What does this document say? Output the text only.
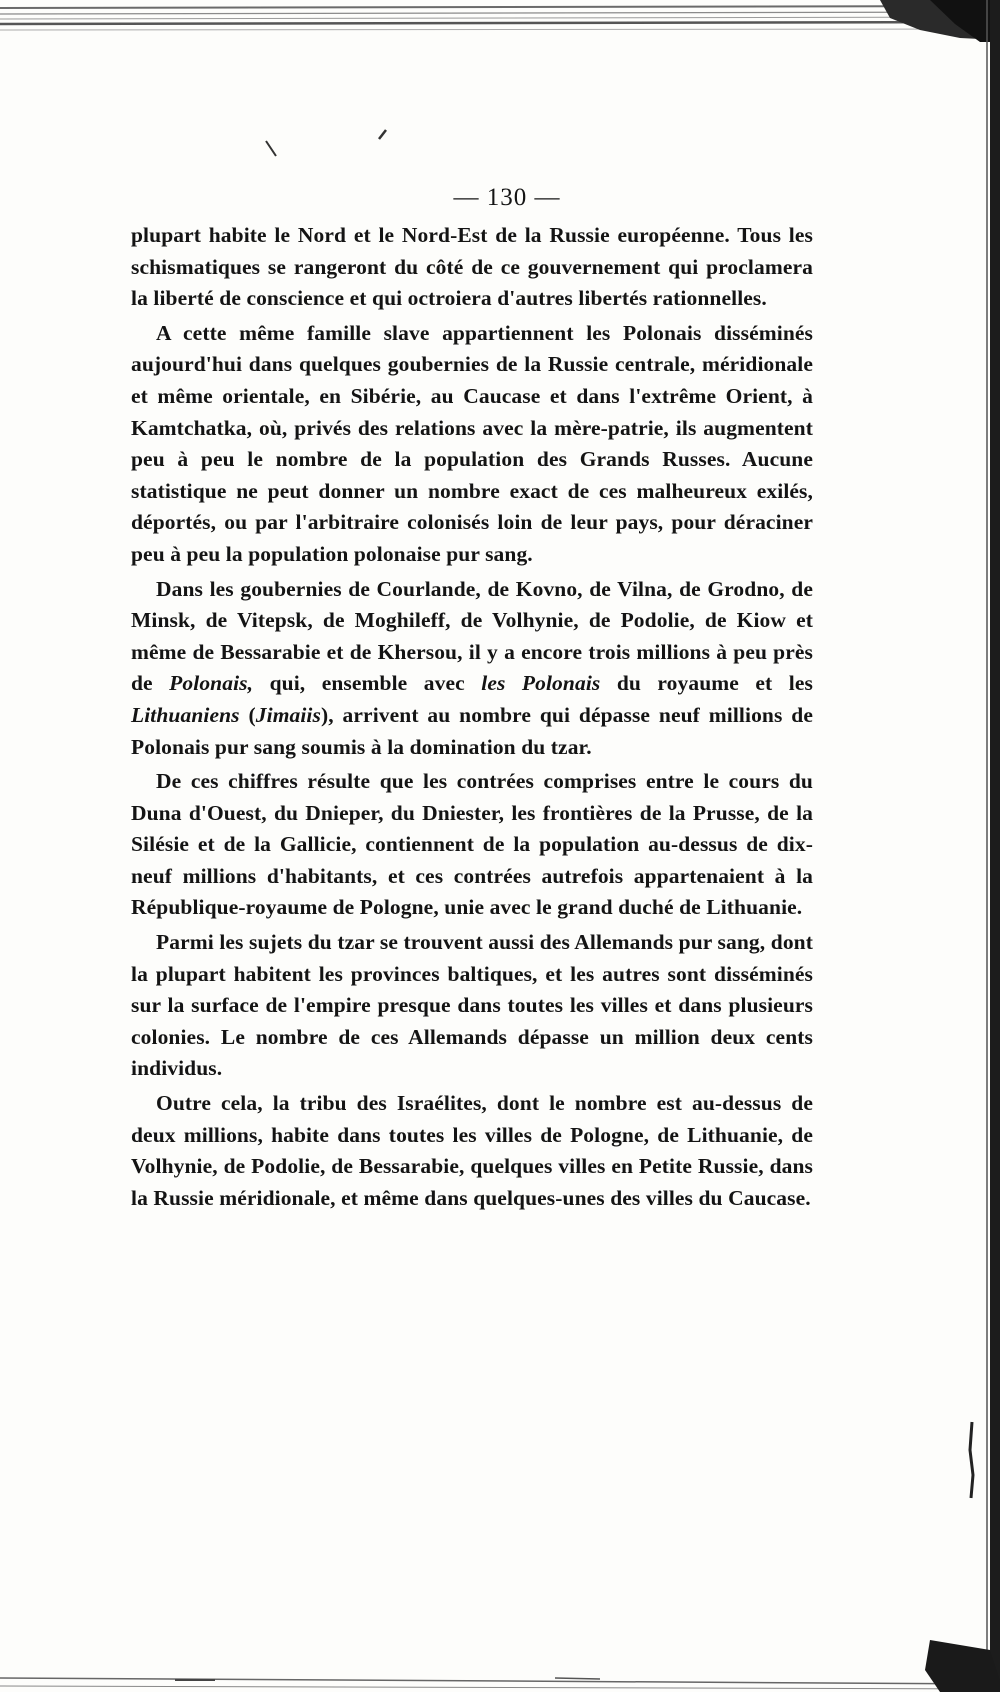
— 130 —

plupart habite le Nord et le Nord-Est de la Russie européenne. Tous les schismatiques se rangeront du côté de ce gouvernement qui proclamera la liberté de conscience et qui octroiera d'autres libertés rationnelles.

A cette même famille slave appartiennent les Polonais disséminés aujourd'hui dans quelques goubernies de la Russie centrale, méridionale et même orientale, en Sibérie, au Caucase et dans l'extrême Orient, à Kamtchatka, où, privés des relations avec la mère-patrie, ils augmentent peu à peu le nombre de la population des Grands Russes. Aucune statistique ne peut donner un nombre exact de ces malheureux exilés, déportés, ou par l'arbitraire colonisés loin de leur pays, pour déraciner peu à peu la population polonaise pur sang.

Dans les goubernies de Courlande, de Kovno, de Vilna, de Grodno, de Minsk, de Vitepsk, de Moghileff, de Volhynie, de Podolie, de Kiow et même de Bessarabie et de Khersou, il y a encore trois millions à peu près de Polonais, qui, ensemble avec les Polonais du royaume et les Lithuaniens (Jimaiis), arrivent au nombre qui dépasse neuf millions de Polonais pur sang soumis à la domination du tzar.

De ces chiffres résulte que les contrées comprises entre le cours du Duna d'Ouest, du Dnieper, du Dniester, les frontières de la Prusse, de la Silésie et de la Gallicie, contiennent de la population au-dessus de dix-neuf millions d'habitants, et ces contrées autrefois appartenaient à la République-royaume de Pologne, unie avec le grand duché de Lithuanie.

Parmi les sujets du tzar se trouvent aussi des Allemands pur sang, dont la plupart habitent les provinces baltiques, et les autres sont disséminés sur la surface de l'empire presque dans toutes les villes et dans plusieurs colonies. Le nombre de ces Allemands dépasse un million deux cents individus.

Outre cela, la tribu des Israélites, dont le nombre est au-dessus de deux millions, habite dans toutes les villes de Pologne, de Lithuanie, de Volhynie, de Podolie, de Bessarabie, quelques villes en Petite Russie, dans la Russie méridionale, et même dans quelques-unes des villes du Caucase.
